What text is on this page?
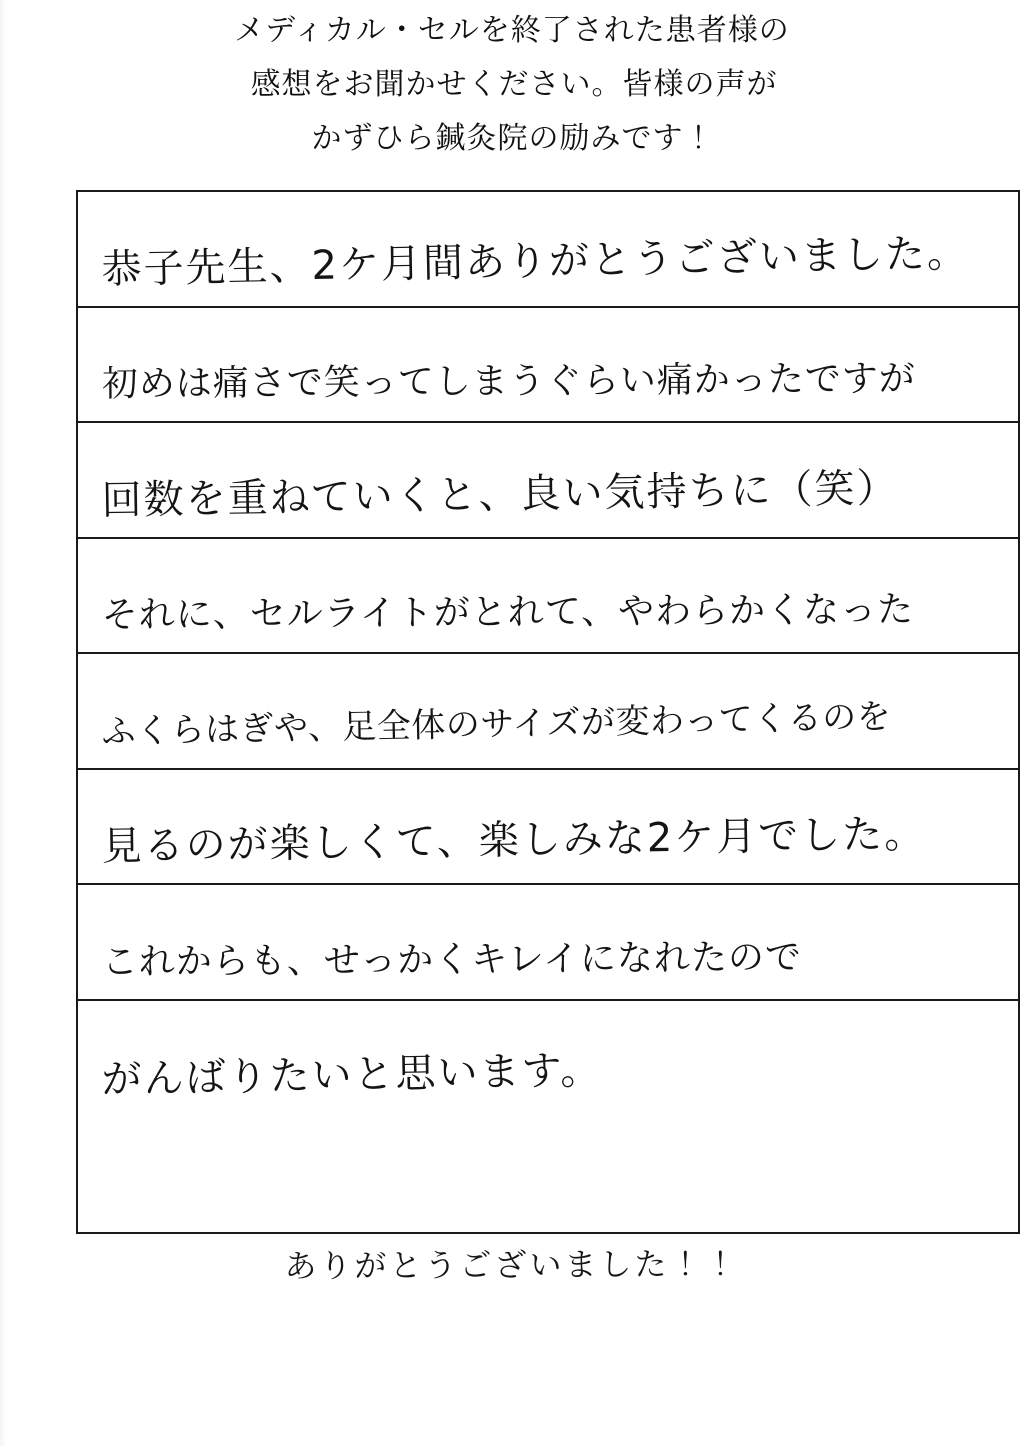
メディカル・セルを終了された患者様の
感想をお聞かせください。皆様の声が
かずひら鍼灸院の励みです！
恭子先生、2ケ月間ありがとうございました。
初めは痛さで笑ってしまうぐらい痛かったですが
回数を重ねていくと、良い気持ちに（笑）
それに、セルライトがとれて、やわらかくなった
ふくらはぎや、足全体のサイズが変わってくるのを
見るのが楽しくて、楽しみな2ケ月でした。
これからも、せっかくキレイになれたので
がんばりたいと思います。
ありがとうございました！！
